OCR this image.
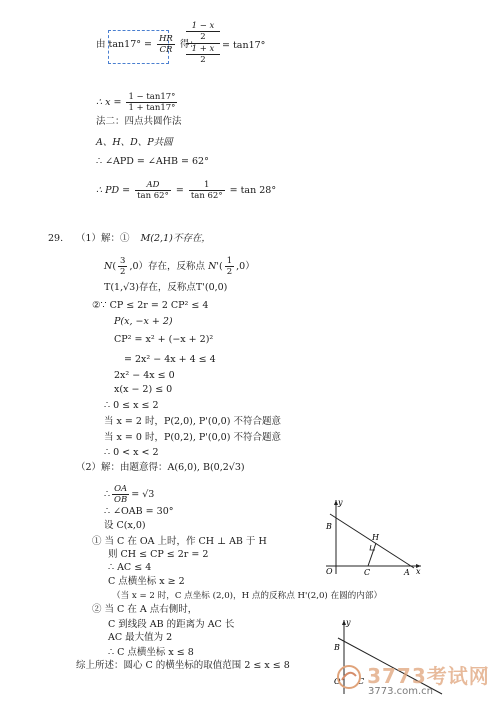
由 $\tan 17^\circ = \frac{HR}{CR}$ 得：
1 − x
2
1 + x
2
= tan17°
∴ $x = \frac{1 - \tan 17^\circ}{1 + \tan 17^\circ}$
法二：四点共圆作法
A、H、D、P共圆
∴ ∠APD = ∠AHB = 62°
∴ PD = $\frac{AD}{\tan 62^\circ} = \frac{1}{\tan 62^\circ} = \tan 28^\circ$
29. （1）解：① M(2,1)不存在，
$N( \frac{3}{2} ,0)$存在，反称点 $N'( \frac{1}{2} ,0)$
T(1,√3)存在，反称点T'(0,0)
②∵ CP ≤ 2r = 2 CP² ≤ 4
P(x, −x + 2)
CP² = x² + (−x + 2)²
= 2x² − 4x + 4 ≤ 4
2x² − 4x ≤ 0
x(x − 2) ≤ 0
∴ 0 ≤ x ≤ 2
当 x = 2 时，P(2,0), P'(0,0) 不符合题意
当 x = 0 时，P(0,2), P'(0,0) 不符合题意
∴ 0 < x < 2
（2）解：由题意得：A(6,0), B(0,2√3)
∴ $\frac{OA}{OB} = √3$
∴ ∠OAB = 30°
设 C(x,0)
① 当 C 在 OA 上时，作 CH ⊥ AB 于 H
则 CH ≤ CP ≤ 2r = 2
∴ AC ≤ 4
C 点横坐标 x ≥ 2
（当 x = 2 时，C 点坐标 (2,0)，H 点的反称点 H'(2,0) 在圆的内部）
② 当 C 在 A 点右侧时，
C 到线段 AB 的距离为 AC 长
AC 最大值为 2
∴ C 点横坐标 x ≤ 8
综上所述：圆心 C 的横坐标的取值范围 2 ≤ x ≤ 8
y
x
B
H
O	C	A
y
B
O C 3773考试网
3773.com.cn
